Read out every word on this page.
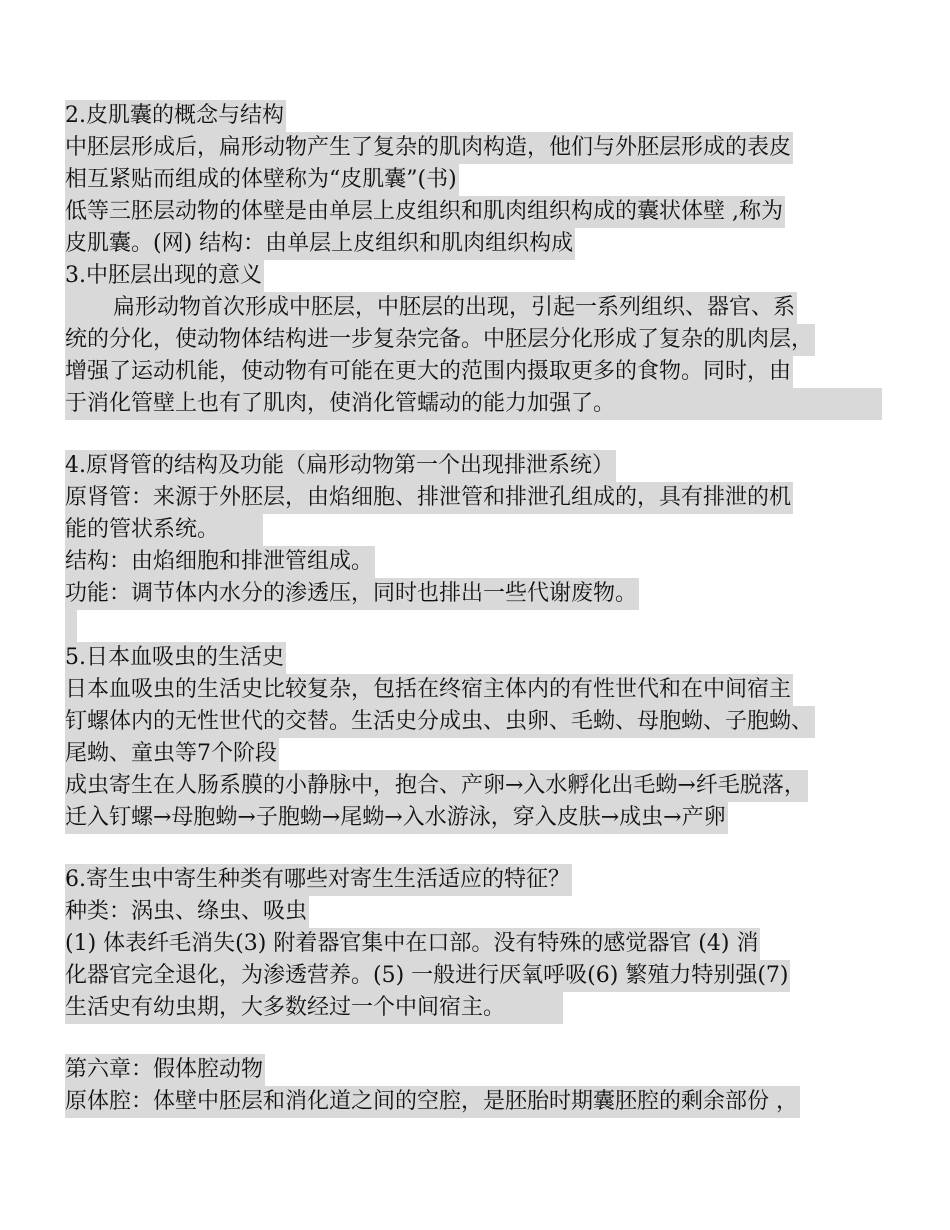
2.皮肌囊的概念与结构
中胚层形成后，扁形动物产生了复杂的肌肉构造，他们与外胚层形成的表皮
相互紧贴而组成的体壁称为“皮肌囊”(书)
低等三胚层动物的体壁是由单层上皮组织和肌肉组织构成的囊状体壁 ,称为
皮肌囊。(网) 结构：由单层上皮组织和肌肉组织构成
3.中胚层出现的意义
扁形动物首次形成中胚层，中胚层的出现，引起一系列组织、器官、系
统的分化，使动物体结构进一步复杂完备。中胚层分化形成了复杂的肌肉层，
增强了运动机能，使动物有可能在更大的范围内摄取更多的食物。同时，由
于消化管壁上也有了肌肉，使消化管蠕动的能力加强了。
4.原肾管的结构及功能（扁形动物第一个出现排泄系统）
原肾管：来源于外胚层，由焰细胞、排泄管和排泄孔组成的，具有排泄的机
能的管状系统。
结构：由焰细胞和排泄管组成。
功能：调节体内水分的渗透压，同时也排出一些代谢废物。
5.日本血吸虫的生活史
日本血吸虫的生活史比较复杂，包括在终宿主体内的有性世代和在中间宿主
钉螺体内的无性世代的交替。生活史分成虫、虫卵、毛蚴、母胞蚴、子胞蚴、
尾蚴、童虫等7个阶段
成虫寄生在人肠系膜的小静脉中，抱合、产卵→入水孵化出毛蚴→纤毛脱落，
迁入钉螺→母胞蚴→子胞蚴→尾蚴→入水游泳，穿入皮肤→成虫→产卵
6.寄生虫中寄生种类有哪些对寄生生活适应的特征？
种类：涡虫、绦虫、吸虫
(1) 体表纤毛消失(3) 附着器官集中在口部。没有特殊的感觉器官 (4) 消
化器官完全退化，为渗透营养。(5) 一般进行厌氧呼吸(6) 繁殖力特别强(7)
生活史有幼虫期，大多数经过一个中间宿主。
第六章：假体腔动物
原体腔：体壁中胚层和消化道之间的空腔，是胚胎时期囊胚腔的剩余部份 ，
